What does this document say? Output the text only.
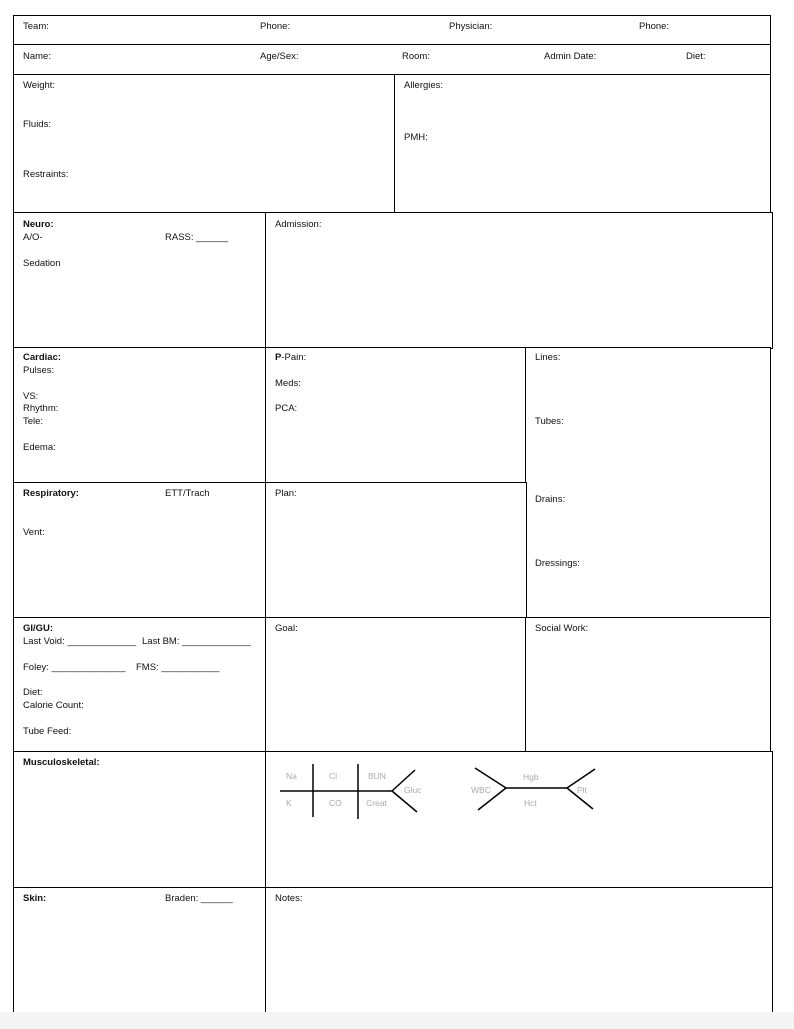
Team:	Phone:	Physician:	Phone:
Name:	Age/Sex:	Room:	Admin Date:	Diet:
Weight:
Fluids:
Restraints:
Allergies:
PMH:
Neuro:
A/O-	RASS: ______
Sedation
Admission:
Cardiac:
Pulses:
VS:
Rhythm:
Tele:
Edema:
P-Pain:
Meds:
PCA:
Lines:
Tubes:
Drains:
Dressings:
Respiratory:	ETT/Trach
Vent:
Plan:
GI/GU:
Last Void: _____________ Last BM: _____________
Foley: ______________ FMS: ___________
Diet:
Calorie Count:
Tube Feed:
Goal:	Social Work:
Musculoskeletal:
Na	Cl	BUN
K	CO	Creat
Gluc	WBC
Hgb
Hct
Plt
Skin:	Braden: ______	Notes:
